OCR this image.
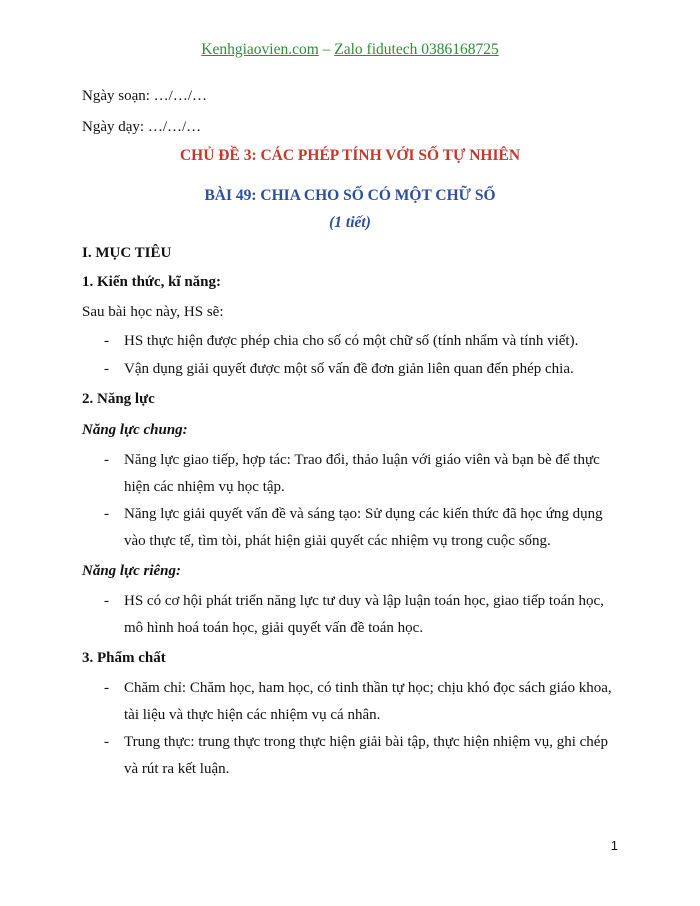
Kenhgiaovien.com – Zalo fidutech 0386168725
Ngày soạn: …/…/…
Ngày dạy: …/…/…
CHỦ ĐỀ 3: CÁC PHÉP TÍNH VỚI SỐ TỰ NHIÊN
BÀI 49: CHIA CHO SỐ CÓ MỘT CHỮ SỐ
(1 tiết)
I. MỤC TIÊU
1. Kiến thức, kĩ năng:
Sau bài học này, HS sẽ:
- HS thực hiện được phép chia cho số có một chữ số (tính nhẩm và tính viết).
- Vận dụng giải quyết được một số vấn đề đơn giản liên quan đến phép chia.
2. Năng lực
Năng lực chung:
- Năng lực giao tiếp, hợp tác: Trao đổi, thảo luận với giáo viên và bạn bè để thực
hiện các nhiệm vụ học tập.
- Năng lực giải quyết vấn đề và sáng tạo: Sử dụng các kiến thức đã học ứng dụng
vào thực tế, tìm tòi, phát hiện giải quyết các nhiệm vụ trong cuộc sống.
Năng lực riêng:
- HS có cơ hội phát triển năng lực tư duy và lập luận toán học, giao tiếp toán học,
mô hình hoá toán học, giải quyết vấn đề toán học.
3. Phẩm chất
- Chăm chỉ: Chăm học, ham học, có tinh thần tự học; chịu khó đọc sách giáo khoa,
tài liệu và thực hiện các nhiệm vụ cá nhân.
- Trung thực: trung thực trong thực hiện giải bài tập, thực hiện nhiệm vụ, ghi chép
và rút ra kết luận.
1
